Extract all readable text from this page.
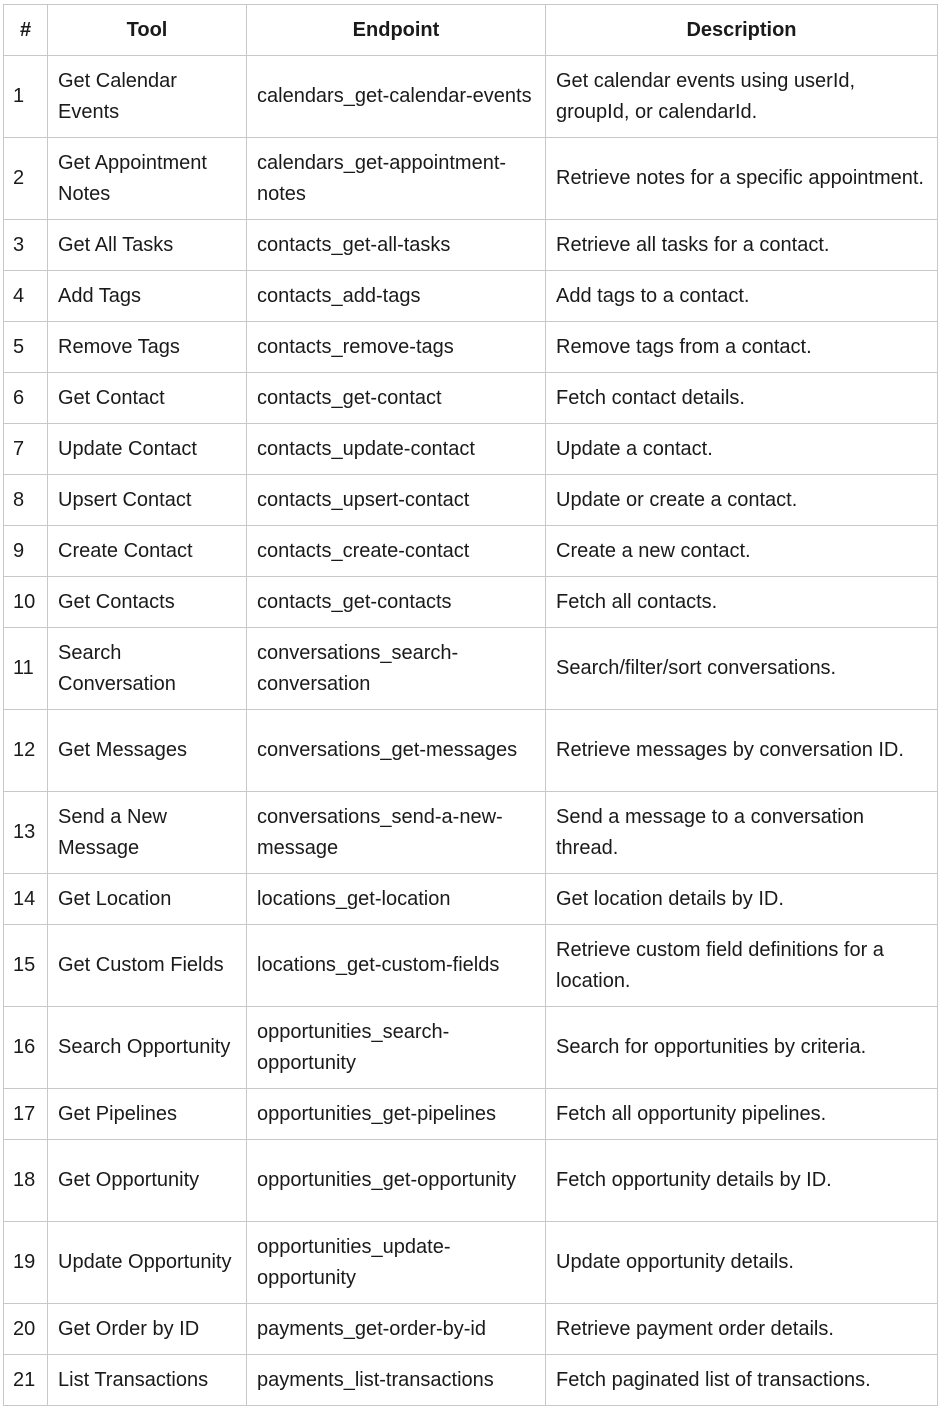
#	Tool	Endpoint	Description
1	Get Calendar Events	calendars_get-calendar-events	Get calendar events using userId, groupId, or calendarId.
2	Get Appointment Notes	calendars_get-appointment-notes	Retrieve notes for a specific appointment.
3	Get All Tasks	contacts_get-all-tasks	Retrieve all tasks for a contact.
4	Add Tags	contacts_add-tags	Add tags to a contact.
5	Remove Tags	contacts_remove-tags	Remove tags from a contact.
6	Get Contact	contacts_get-contact	Fetch contact details.
7	Update Contact	contacts_update-contact	Update a contact.
8	Upsert Contact	contacts_upsert-contact	Update or create a contact.
9	Create Contact	contacts_create-contact	Create a new contact.
10	Get Contacts	contacts_get-contacts	Fetch all contacts.
11	Search Conversation	conversations_search-conversation	Search/filter/sort conversations.
12	Get Messages	conversations_get-messages	Retrieve messages by conversation ID.
13	Send a New Message	conversations_send-a-new-message	Send a message to a conversation thread.
14	Get Location	locations_get-location	Get location details by ID.
15	Get Custom Fields	locations_get-custom-fields	Retrieve custom field definitions for a location.
16	Search Opportunity	opportunities_search-opportunity	Search for opportunities by criteria.
17	Get Pipelines	opportunities_get-pipelines	Fetch all opportunity pipelines.
18	Get Opportunity	opportunities_get-opportunity	Fetch opportunity details by ID.
19	Update Opportunity	opportunities_update-opportunity	Update opportunity details.
20	Get Order by ID	payments_get-order-by-id	Retrieve payment order details.
21	List Transactions	payments_list-transactions	Fetch paginated list of transactions.
